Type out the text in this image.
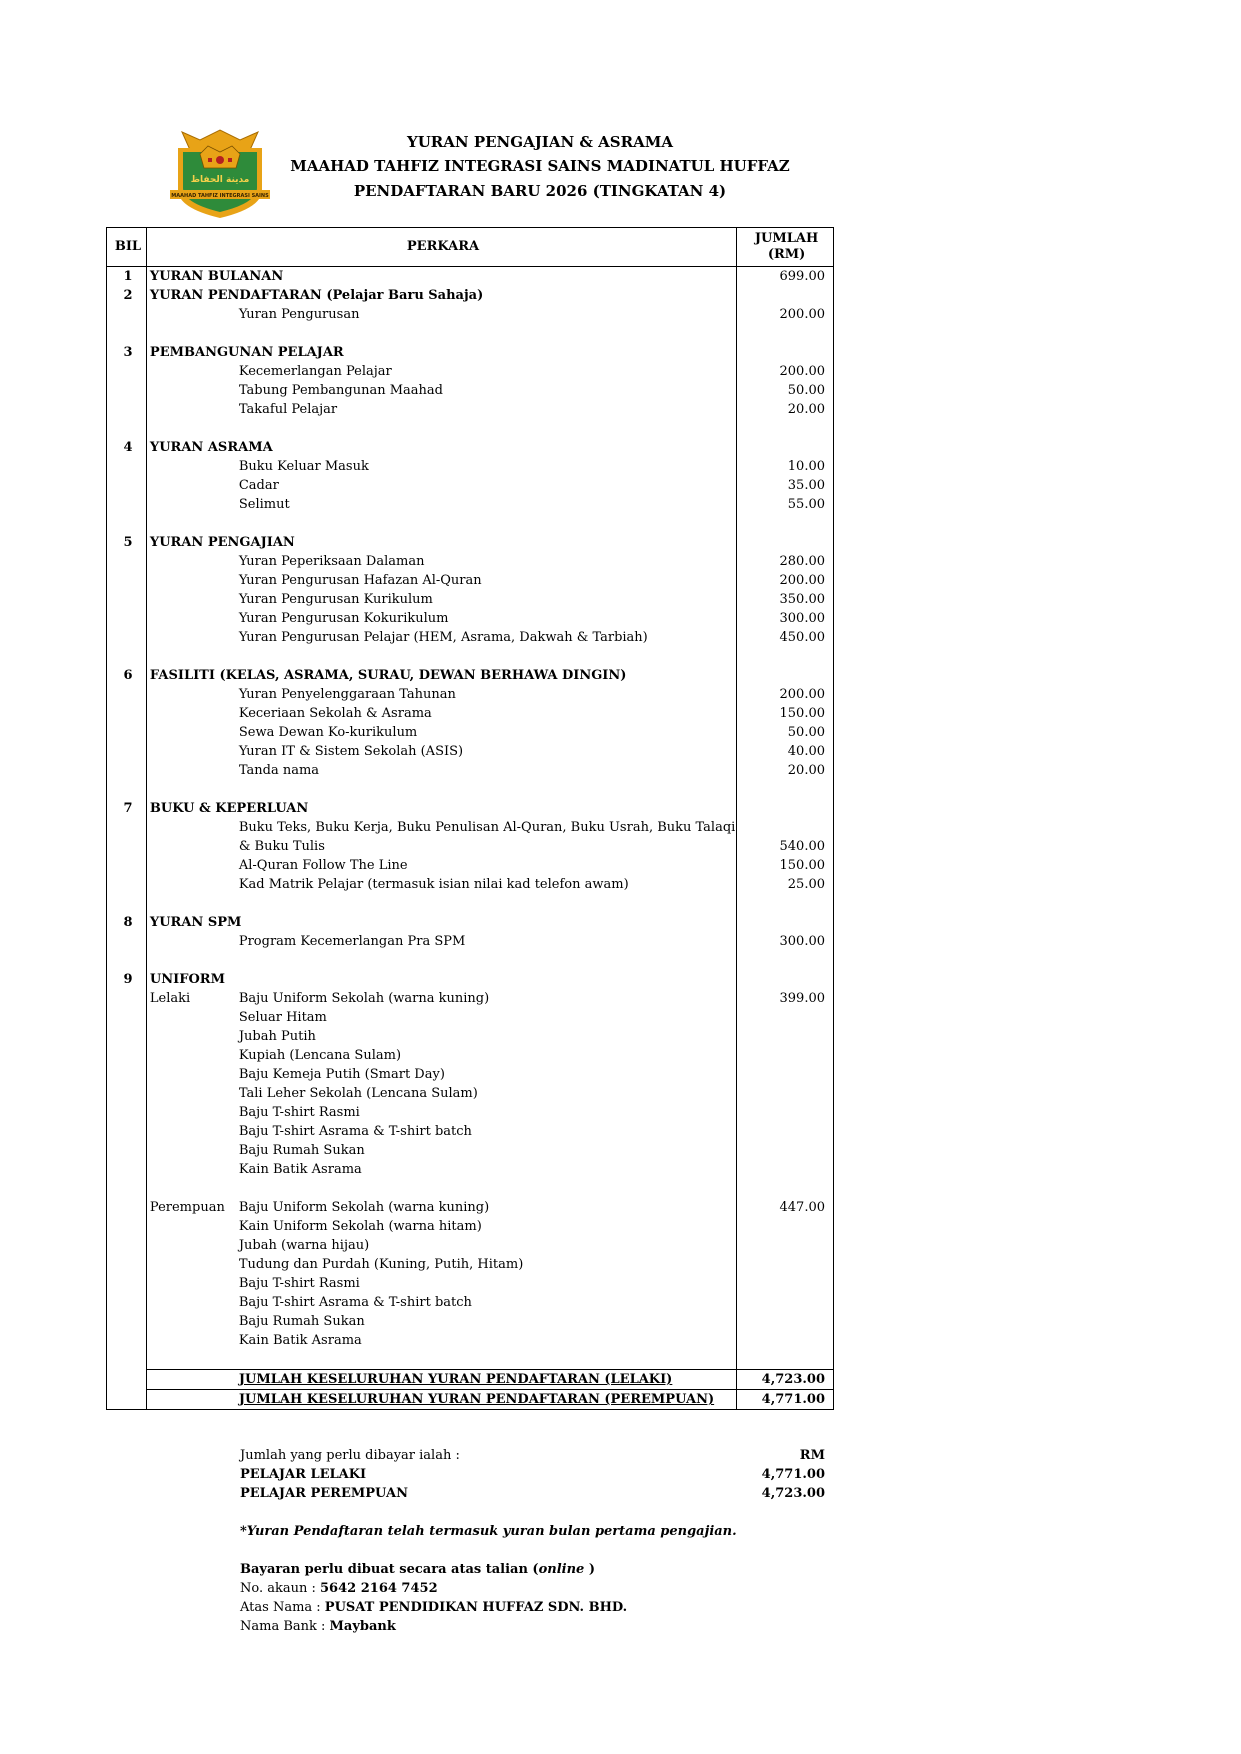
مدينة الحفاظ
MAAHAD TAHFIZ INTEGRASI SAINS
YURAN PENGAJIAN & ASRAMA
MAAHAD TAHFIZ INTEGRASI SAINS MADINATUL HUFFAZ
PENDAFTARAN BARU 2026 (TINGKATAN 4)
BIL	PERKARA		JUMLAH
(RM)
1	YURAN BULANAN		699.00
2	YURAN PENDAFTARAN (Pelajar Baru Sahaja)		
		Yuran Pengurusan	200.00

3	PEMBANGUNAN PELAJAR		
		Kecemerlangan Pelajar	200.00
		Tabung Pembangunan Maahad	50.00
		Takaful Pelajar	20.00

4	YURAN ASRAMA		
		Buku Keluar Masuk	10.00
		Cadar	35.00
		Selimut	55.00

5	YURAN PENGAJIAN		
		Yuran Peperiksaan Dalaman	280.00
		Yuran Pengurusan Hafazan Al-Quran	200.00
		Yuran Pengurusan Kurikulum	350.00
		Yuran Pengurusan Kokurikulum	300.00
		Yuran Pengurusan Pelajar (HEM, Asrama, Dakwah & Tarbiah)	450.00

6	FASILITI (KELAS, ASRAMA, SURAU, DEWAN BERHAWA DINGIN)		
		Yuran Penyelenggaraan Tahunan	200.00
		Keceriaan Sekolah & Asrama	150.00
		Sewa Dewan Ko-kurikulum	50.00
		Yuran IT & Sistem Sekolah (ASIS)	40.00
		Tanda nama	20.00

7	BUKU & KEPERLUAN		
		Buku Teks, Buku Kerja, Buku Penulisan Al-Quran, Buku Usrah, Buku Talaqi	
		& Buku Tulis	540.00
		Al-Quran Follow The Line	150.00
		Kad Matrik Pelajar (termasuk isian nilai kad telefon awam)	25.00

8	YURAN SPM		
		Program Kecemerlangan Pra SPM	300.00

9	UNIFORM		
	Lelaki	Baju Uniform Sekolah (warna kuning)	399.00
		Seluar Hitam	
		Jubah Putih	
		Kupiah (Lencana Sulam)	
		Baju Kemeja Putih (Smart Day)	
		Tali Leher Sekolah (Lencana Sulam)	
		Baju T-shirt Rasmi	
		Baju T-shirt Asrama & T-shirt batch	
		Baju Rumah Sukan	
		Kain Batik Asrama	

	Perempuan	Baju Uniform Sekolah (warna kuning)	447.00
		Kain Uniform Sekolah (warna hitam)	
		Jubah (warna hijau)	
		Tudung dan Purdah (Kuning, Putih, Hitam)	
		Baju T-shirt Rasmi	
		Baju T-shirt Asrama & T-shirt batch	
		Baju Rumah Sukan	
		Kain Batik Asrama	

		JUMLAH KESELURUHAN YURAN PENDAFTARAN (LELAKI)	4,723.00
		JUMLAH KESELURUHAN YURAN PENDAFTARAN (PEREMPUAN)	4,771.00
Jumlah yang perlu dibayar ialah :	RM
PELAJAR LELAKI	4,771.00
PELAJAR PEREMPUAN	4,723.00
*Yuran Pendaftaran telah termasuk yuran bulan pertama pengajian.
Bayaran perlu dibuat secara atas talian (online )
No. akaun : 5642 2164 7452
Atas Nama : PUSAT PENDIDIKAN HUFFAZ SDN. BHD.
Nama Bank : Maybank
